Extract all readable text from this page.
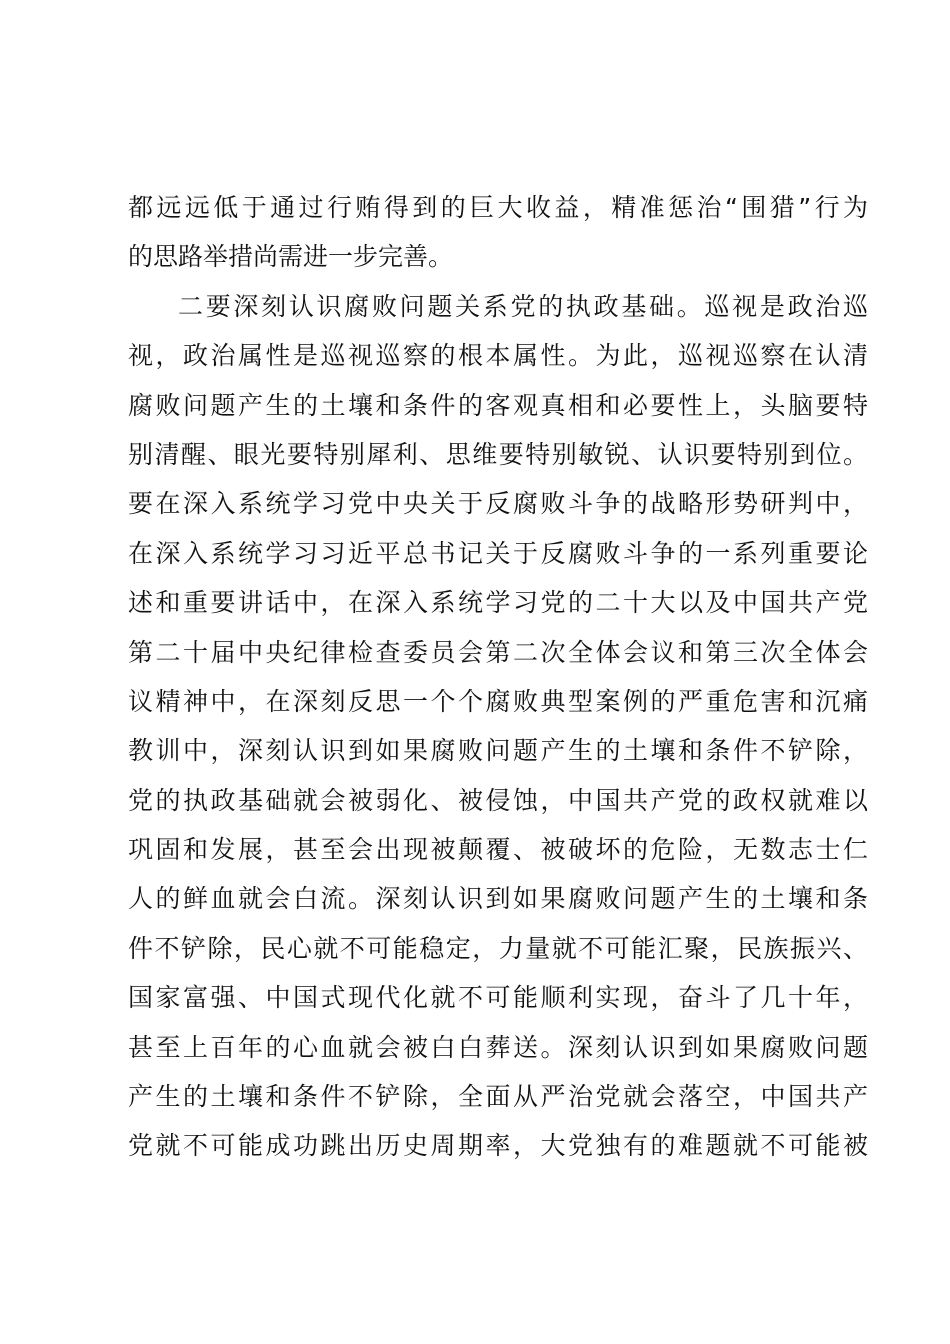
都远远低于通过行贿得到的巨大收益，精准惩治“围猎”行为
的思路举措尚需进一步完善。
二要深刻认识腐败问题关系党的执政基础。巡视是政治巡
视，政治属性是巡视巡察的根本属性。为此，巡视巡察在认清
腐败问题产生的土壤和条件的客观真相和必要性上，头脑要特
别清醒、眼光要特别犀利、思维要特别敏锐、认识要特别到位。
要在深入系统学习党中央关于反腐败斗争的战略形势研判中，
在深入系统学习习近平总书记关于反腐败斗争的一系列重要论
述和重要讲话中，在深入系统学习党的二十大以及中国共产党
第二十届中央纪律检查委员会第二次全体会议和第三次全体会
议精神中，在深刻反思一个个腐败典型案例的严重危害和沉痛
教训中，深刻认识到如果腐败问题产生的土壤和条件不铲除，
党的执政基础就会被弱化、被侵蚀，中国共产党的政权就难以
巩固和发展，甚至会出现被颠覆、被破坏的危险，无数志士仁
人的鲜血就会白流。深刻认识到如果腐败问题产生的土壤和条
件不铲除，民心就不可能稳定，力量就不可能汇聚，民族振兴、
国家富强、中国式现代化就不可能顺利实现，奋斗了几十年，
甚至上百年的心血就会被白白葬送。深刻认识到如果腐败问题
产生的土壤和条件不铲除，全面从严治党就会落空，中国共产
党就不可能成功跳出历史周期率，大党独有的难题就不可能被
